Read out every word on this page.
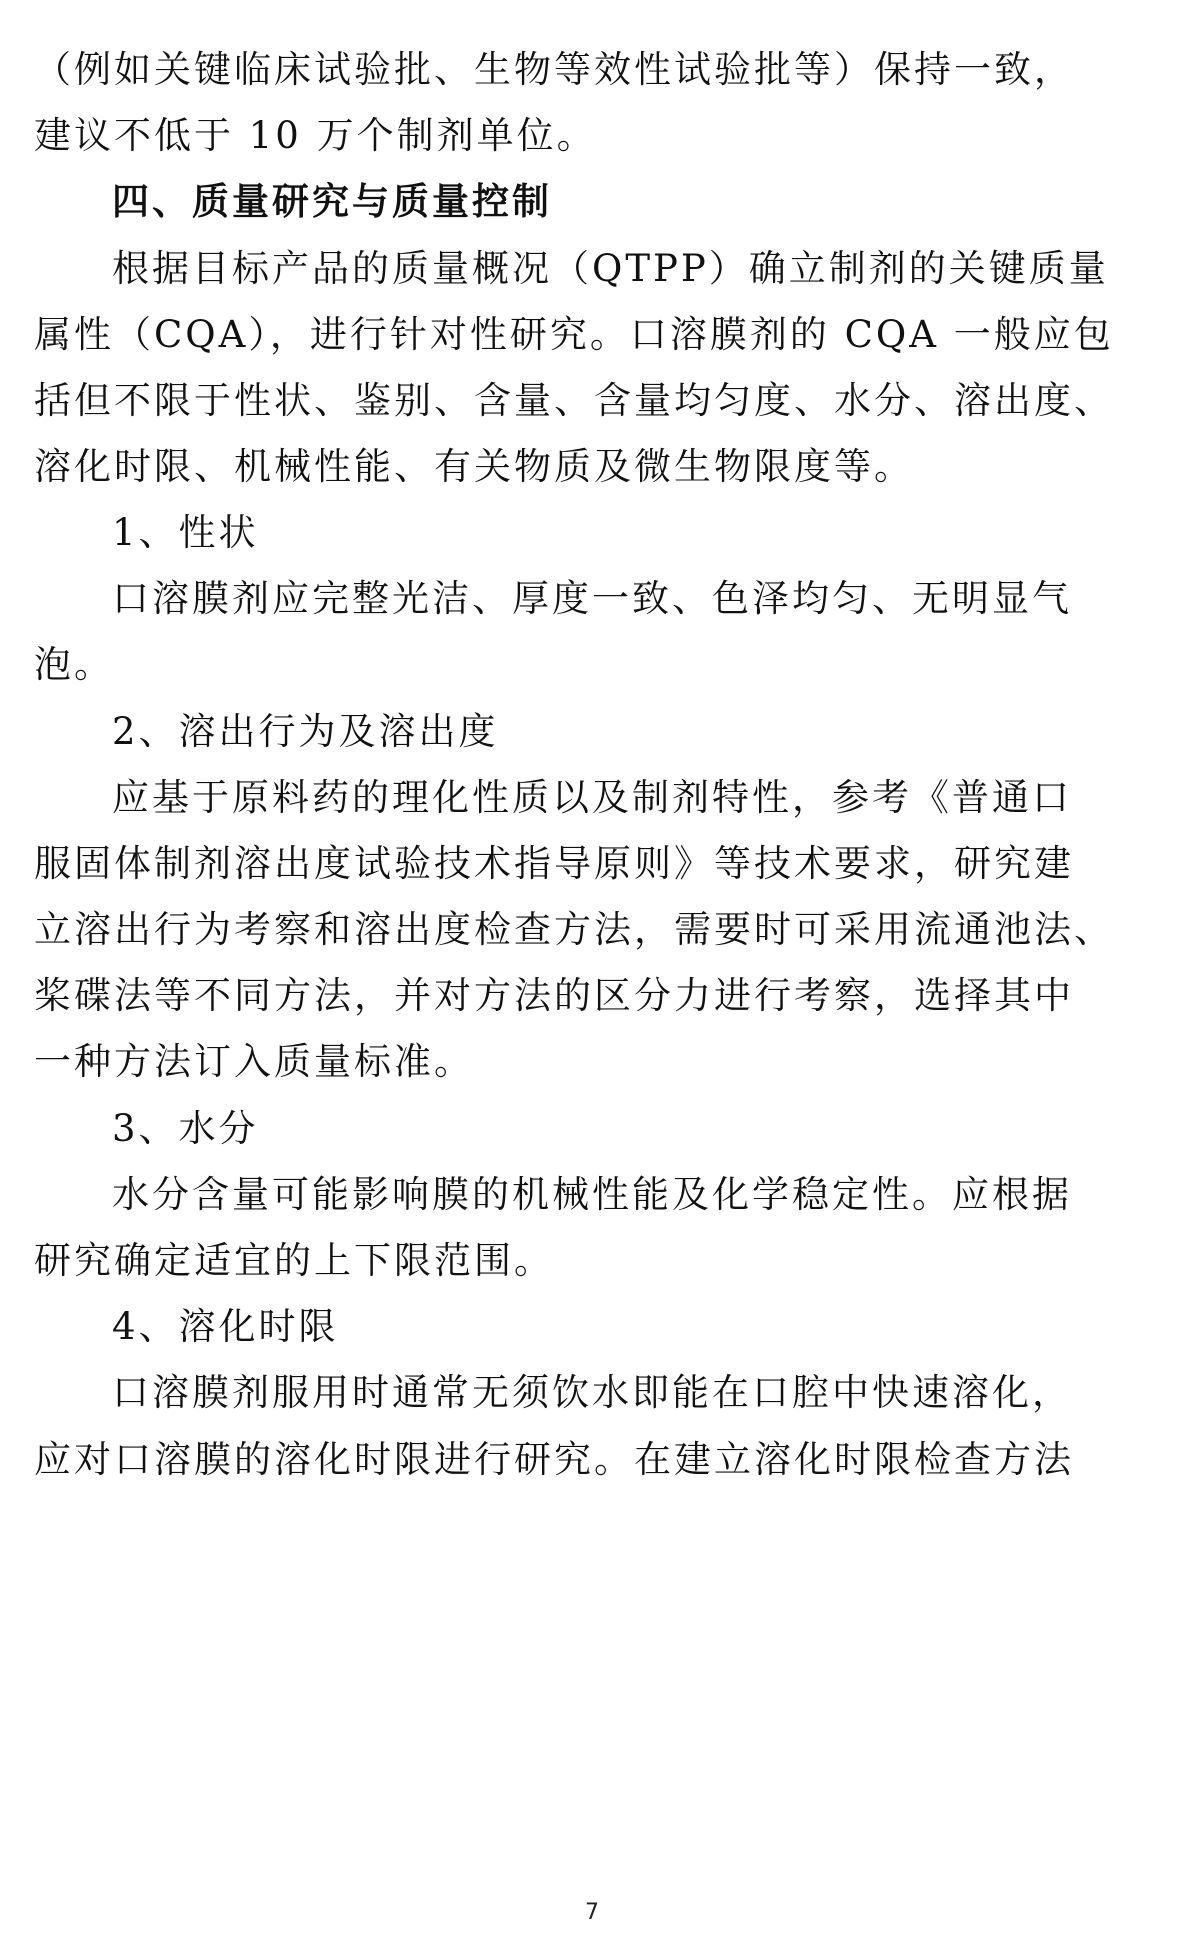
（例如关键临床试验批、生物等效性试验批等）保持一致，
建议不低于 10 万个制剂单位。
四、质量研究与质量控制
根据目标产品的质量概况（QTPP）确立制剂的关键质量
属性（CQA），进行针对性研究。口溶膜剂的 CQA 一般应包
括但不限于性状、鉴别、含量、含量均匀度、水分、溶出度、
溶化时限、机械性能、有关物质及微生物限度等。
1、性状
口溶膜剂应完整光洁、厚度一致、色泽均匀、无明显气
泡。
2、溶出行为及溶出度
应基于原料药的理化性质以及制剂特性，参考《普通口
服固体制剂溶出度试验技术指导原则》等技术要求，研究建
立溶出行为考察和溶出度检查方法，需要时可采用流通池法、
桨碟法等不同方法，并对方法的区分力进行考察，选择其中
一种方法订入质量标准。
3、水分
水分含量可能影响膜的机械性能及化学稳定性。应根据
研究确定适宜的上下限范围。
4、溶化时限
口溶膜剂服用时通常无须饮水即能在口腔中快速溶化，
应对口溶膜的溶化时限进行研究。在建立溶化时限检查方法
7
